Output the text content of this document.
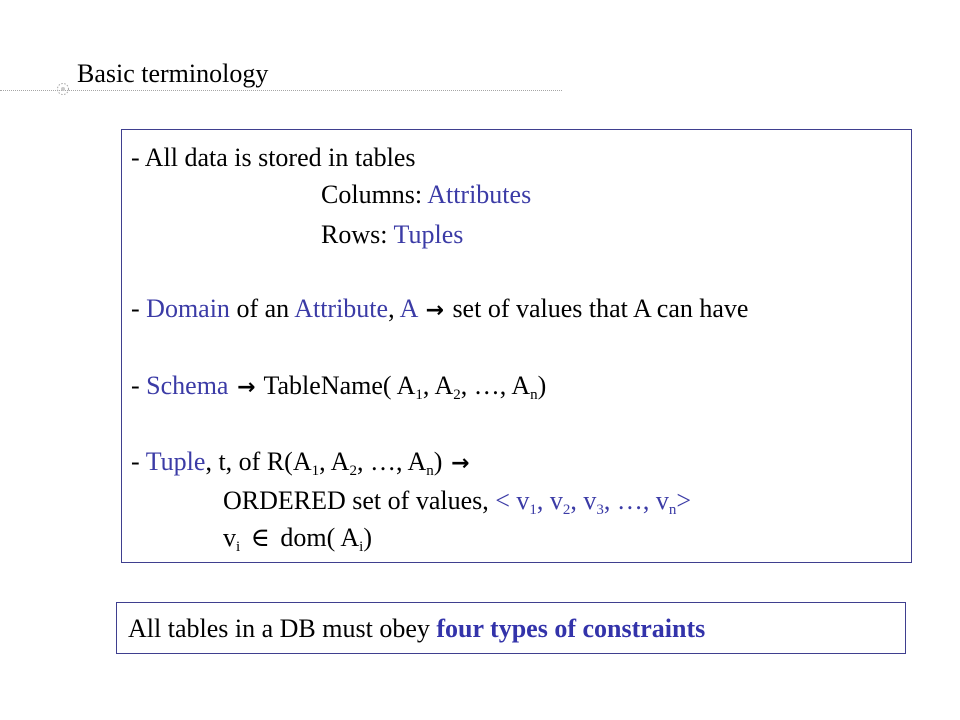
Basic terminology
- All data is stored in tables
Columns: Attributes
Rows: Tuples
- Domain of an Attribute, A → set of values that A can have
- Schema → TableName( $A_1$, $A_2$, …, $A_n$)
- Tuple, t, of $R(A_1$, $A_2$, …, $A_n$) →
ORDERED set of values, < $v_1$, $v_2$, $v_3$, …, $v_n>$
$v_i$ ∈ dom( $A_i$)
All tables in a DB must obey four types of constraints
